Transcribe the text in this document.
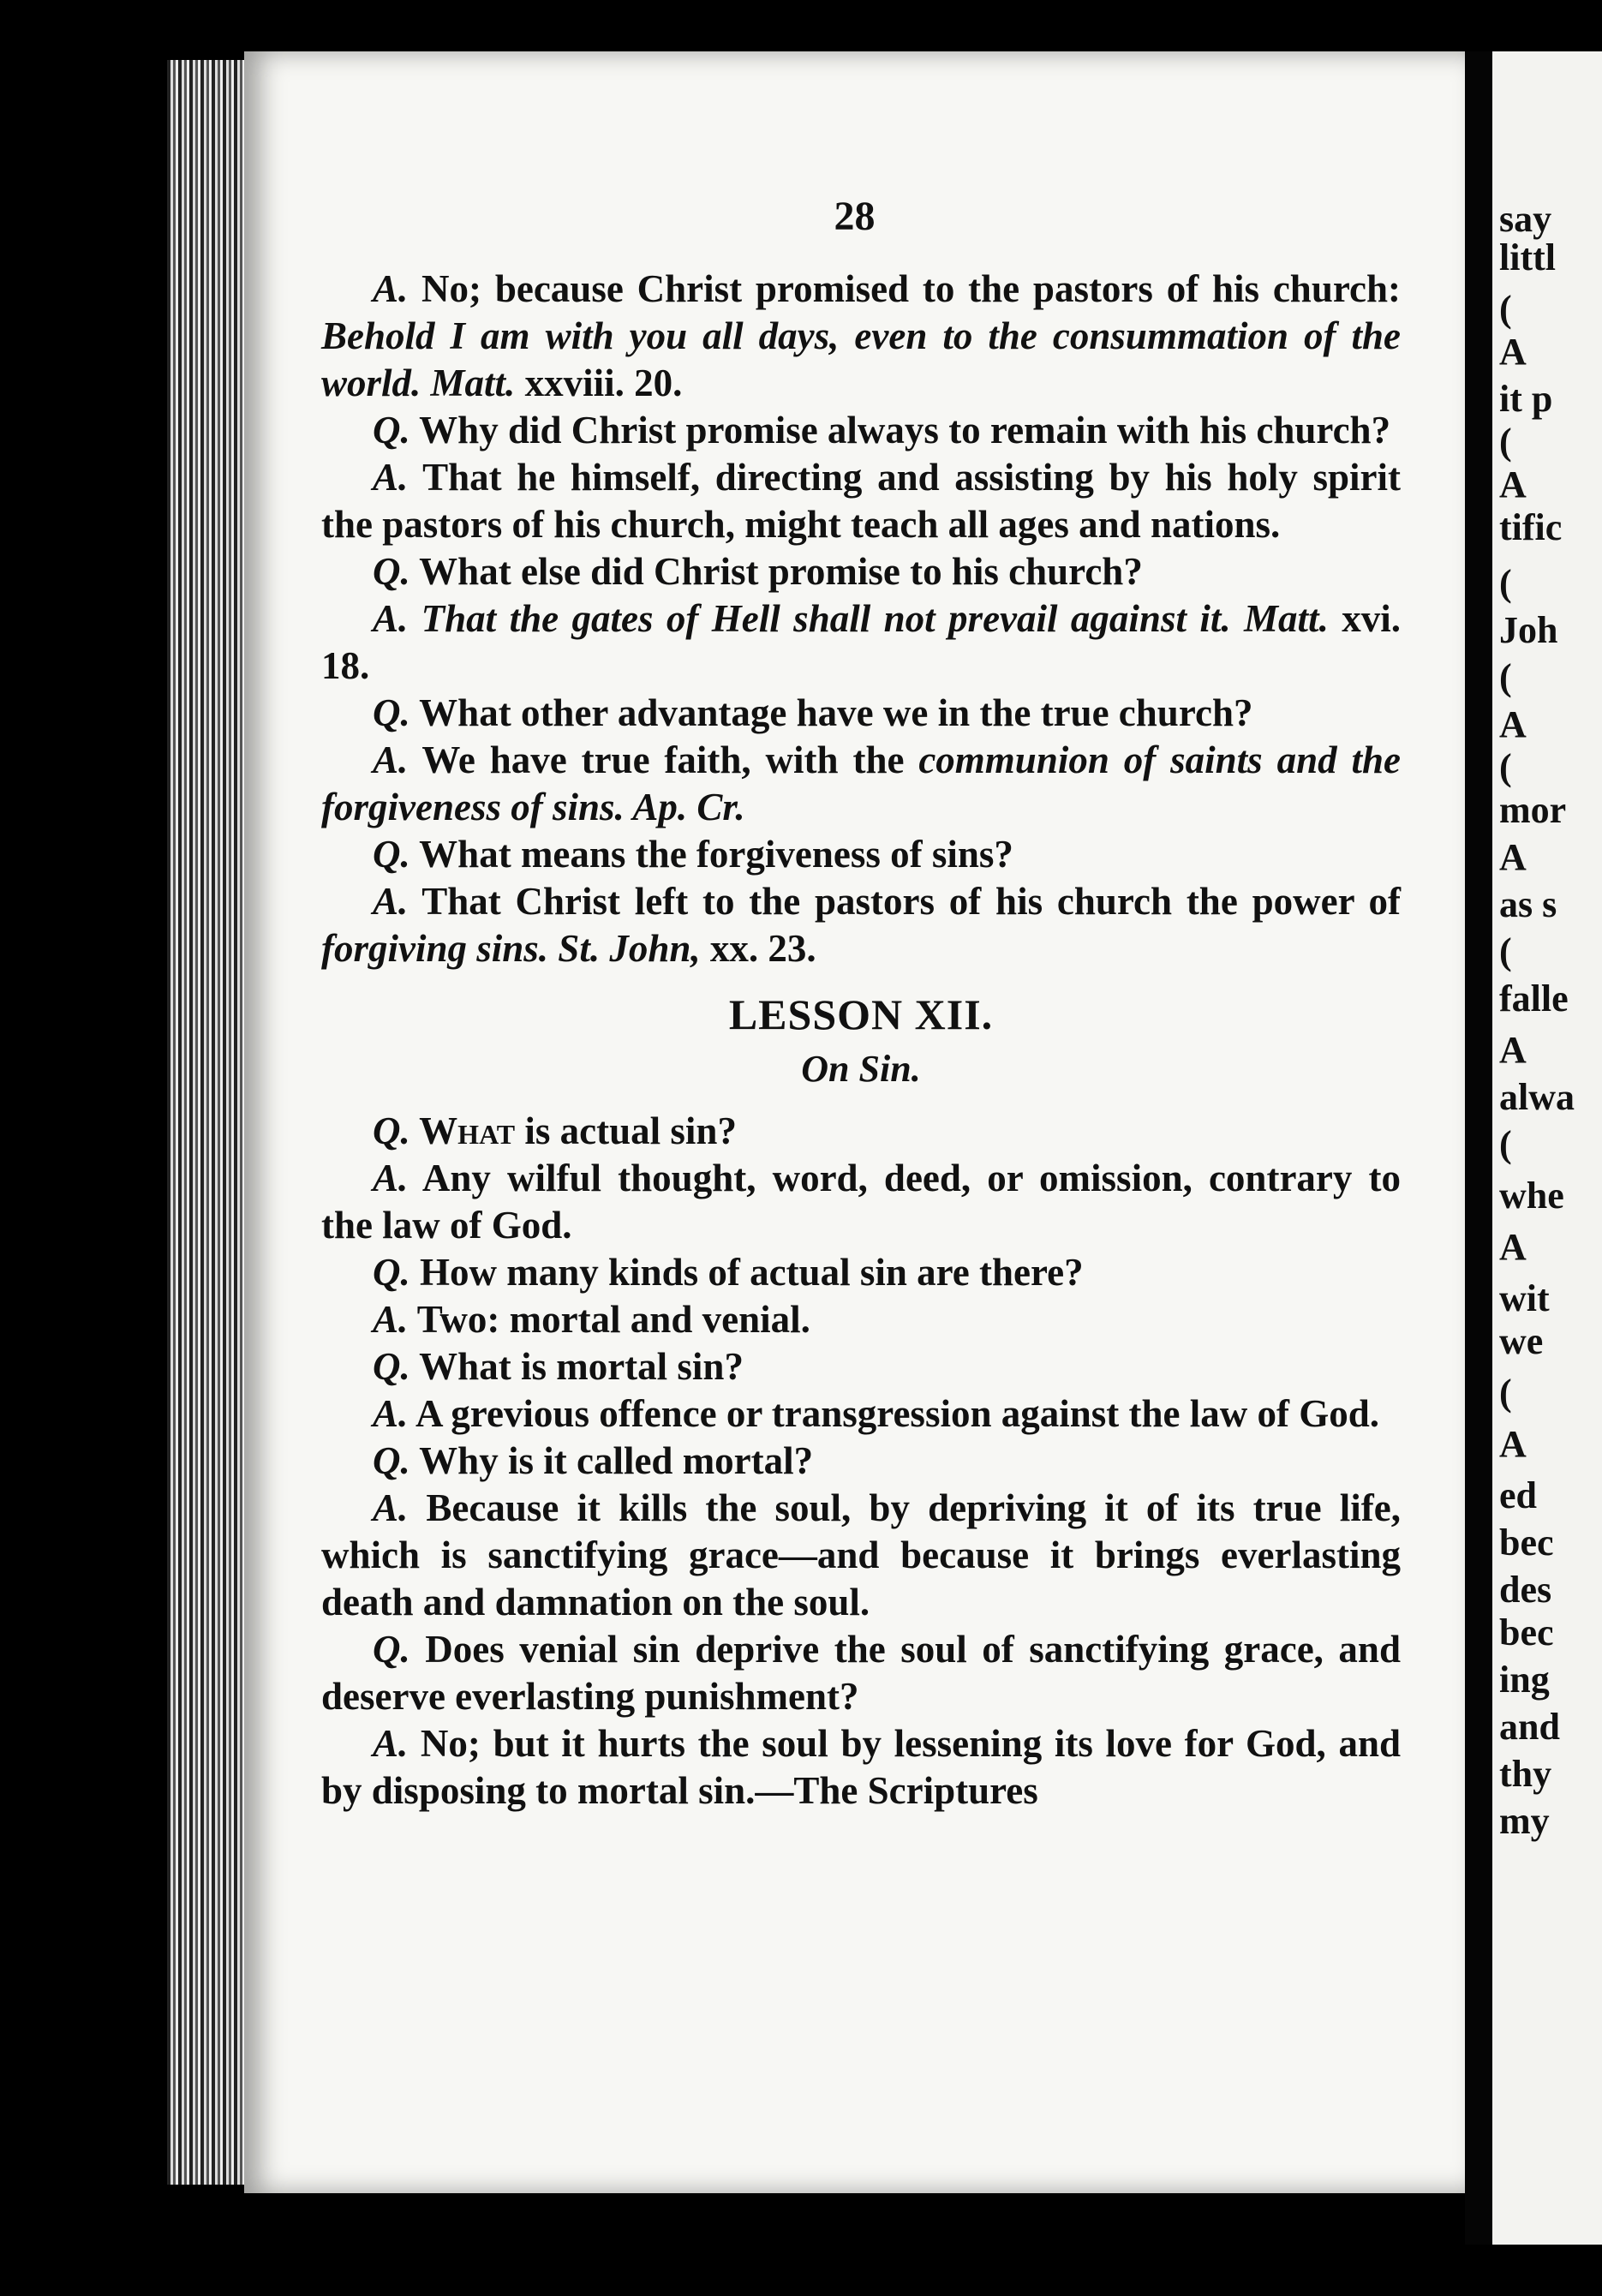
28

A. No; because Christ promised to the pastors of his church: Behold I am with you all days, even to the consummation of the world. Matt. xxviii. 20.

Q. Why did Christ promise always to remain with his church?

A. That he himself, directing and assisting by his holy spirit the pastors of his church, might teach all ages and nations.

Q. What else did Christ promise to his church?

A. That the gates of Hell shall not prevail against it. Matt. xvi. 18.

Q. What other advantage have we in the true church?

A. We have true faith, with the communion of saints and the forgiveness of sins. Ap. Cr.

Q. What means the forgiveness of sins?

A. That Christ left to the pastors of his church the power of forgiving sins. St. John, xx. 23.

LESSON XII.
On Sin.

Q. What is actual sin?

A. Any wilful thought, word, deed, or omission, contrary to the law of God.

Q. How many kinds of actual sin are there?

A. Two: mortal and venial.

Q. What is mortal sin?

A. A grevious offence or transgression against the law of God.

Q. Why is it called mortal?

A. Because it kills the soul, by depriving it of its true life, which is sanctifying grace—and because it brings everlasting death and damnation on the soul.

Q. Does venial sin deprive the soul of sanctifying grace, and deserve everlasting punishment?

A. No; but it hurts the soul by lessening its love for God, and by disposing to mortal sin.—The Scriptures

say
littl
(
A
it p
(
A
tific
(
Joh
(
A
(
mor
A
as s
(
falle
A
alwa
(
whe
A
wit
we
(
A
ed
bec
des
bec
ing
and
thy
my
